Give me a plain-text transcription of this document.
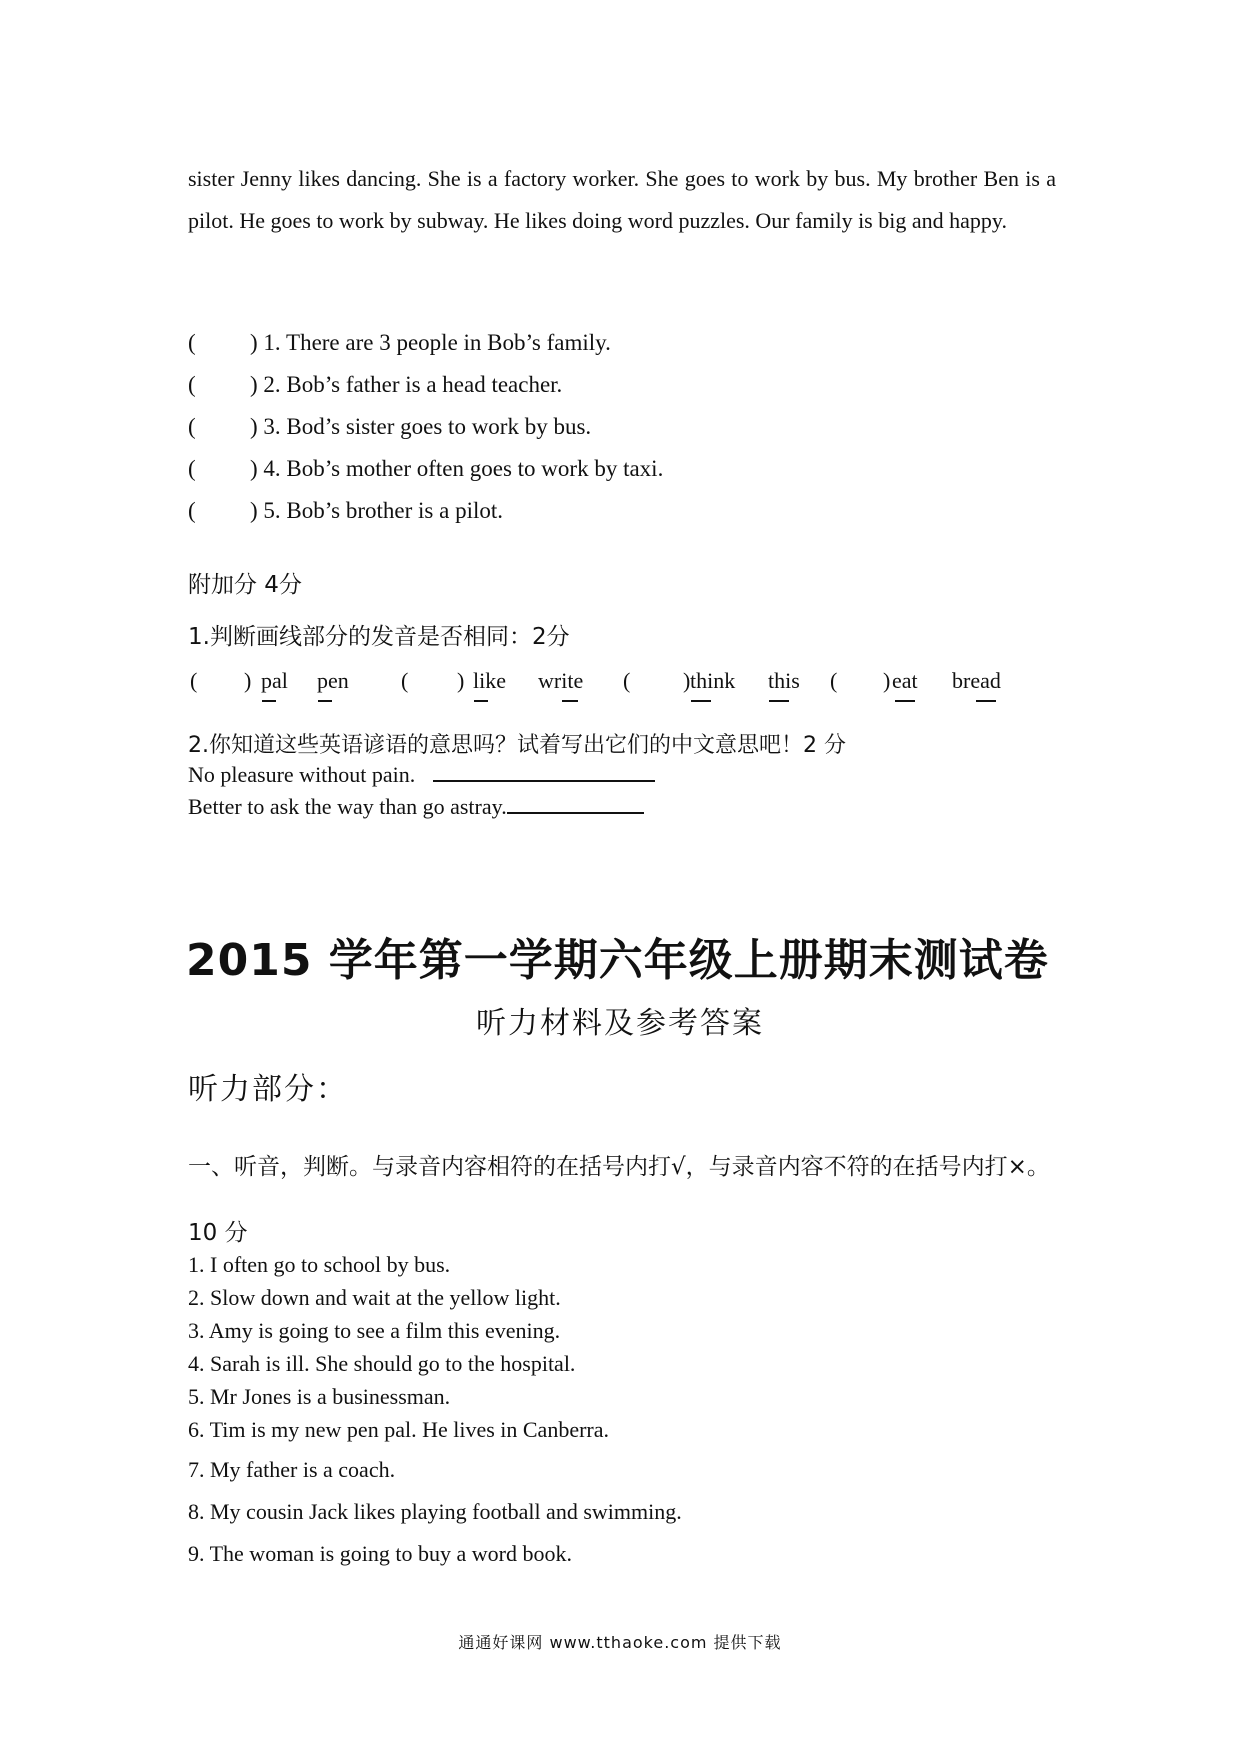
sister Jenny likes dancing. She is a factory worker. She goes to work by bus. My brother Ben is a pilot. He goes to work by subway. He likes doing word puzzles. Our family is big and happy.
( ) 1. There are 3 people in Bob’s family.
( ) 2. Bob’s father is a head teacher.
( ) 3. Bod’s sister goes to work by bus.
( ) 4. Bob’s mother often goes to work by taxi.
( ) 5. Bob’s brother is a pilot.
附加分 4分
1.判断画线部分的发音是否相同：2分
( ) pal pen ( ) like write ( ) think this ( ) eat bread
2.你知道这些英语谚语的意思吗？试着写出它们的中文意思吧！2 分
No pleasure without pain.
Better to ask the way than go astray.
2015 学年第一学期六年级上册期末测试卷
听力材料及参考答案
听力部分：
一、听音，判断。与录音内容相符的在括号内打√，与录音内容不符的在括号内打×。10 分
1. I often go to school by bus.
2. Slow down and wait at the yellow light.
3. Amy is going to see a film this evening.
4. Sarah is ill. She should go to the hospital.
5. Mr Jones is a businessman.
6. Tim is my new pen pal. He lives in Canberra.
7. My father is a coach.
8. My cousin Jack likes playing football and swimming.
9. The woman is going to buy a word book.
通通好课网 www.tthaoke.com 提供下载
